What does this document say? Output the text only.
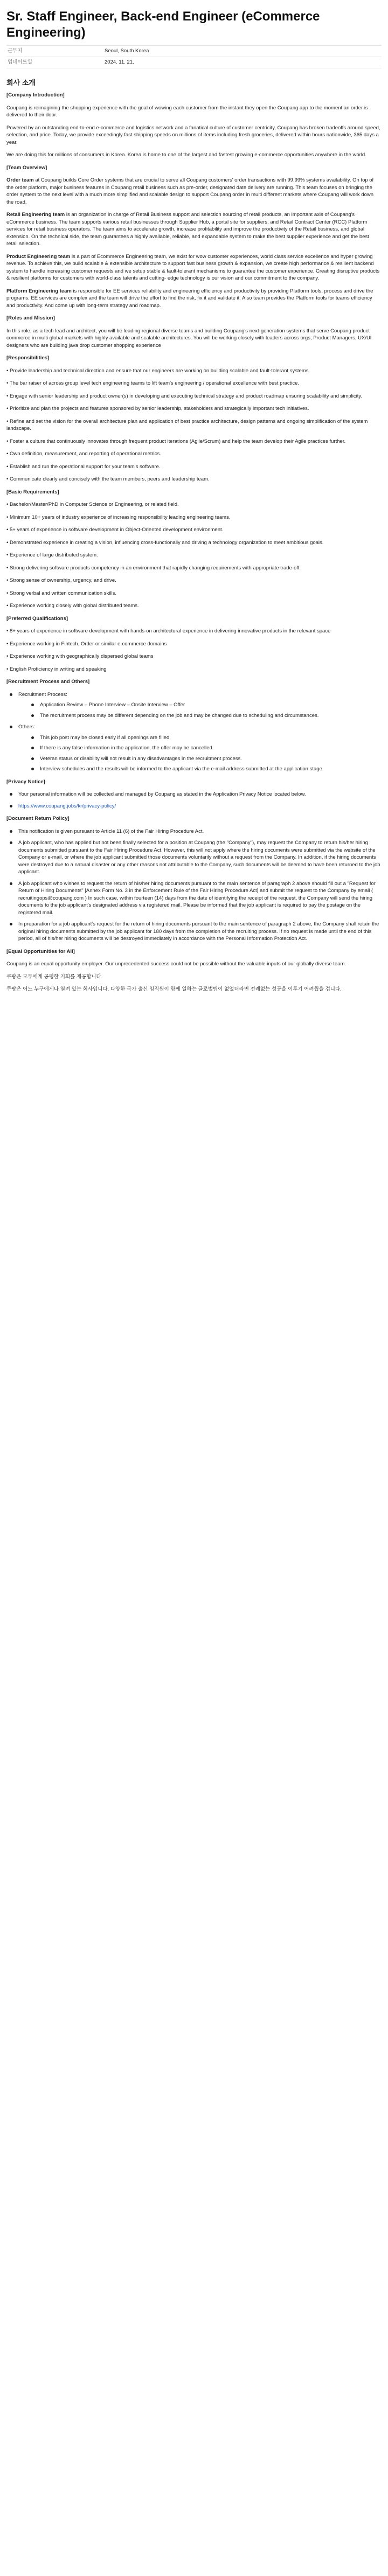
Sr. Staff Engineer, Back-end Engineer (eCommerce Engineering)
근무지	Seoul, South Korea
업데이트일	2024. 11. 21.
회사 소개

[Company Introduction]

Coupang is reimagining the shopping experience with the goal of wowing each customer from the instant they open the Coupang app to the moment an order is delivered to their door.

Powered by an outstanding end-to-end e-commerce and logistics network and a fanatical culture of customer centricity, Coupang has broken tradeoffs around speed, selection, and price. Today, we provide exceedingly fast shipping speeds on millions of items including fresh groceries, delivered within hours nationwide, 365 days a year.

We are doing this for millions of consumers in Korea. Korea is home to one of the largest and fastest growing e-commerce opportunities anywhere in the world.

[Team Overview]

Order team at Coupang builds Core Order systems that are crucial to serve all Coupang customers' order transactions with 99.99% systems availability. On top of the order platform, major business features in Coupang retail business such as pre-order, designated date delivery are running. This team focuses on bringing the order system to the next level with a much more simplified and scalable design to support Coupang order in multi different markets where Coupang will work down the road.

Retail Engineering team is an organization in charge of Retail Business support and selection sourcing of retail products, an important axis of Coupang's eCommerce business. The team supports various retail businesses through Supplier Hub, a portal site for suppliers, and Retail Contract Center (RCC) Platform services for retail business operators. The team aims to accelerate growth, increase profitability and improve the productivity of the Retail business, and global extension. On the technical side, the team guarantees a highly available, reliable, and expandable system to make the best supplier experience and get the best retail selection.

Product Engineering team is a part of Ecommerce Engineering team, we exist for wow customer experiences, world class service excellence and hyper growing revenue. To achieve this, we build scalable & extensible architecture to support fast business growth & expansion, we create high performance & resilient backend system to handle increasing customer requests and we setup stable & fault-tolerant mechanisms to guarantee the customer experience. Creating disruptive products & resilient platforms for customers with world-class talents and cutting- edge technology is our vision and our commitment to the company.

Platform Engineering team is responsible for EE services reliability and engineering efficiency and productivity by providing Platform tools, process and drive the programs. EE services are complex and the team will drive the effort to find the risk, fix it and validate it. Also team provides the Platform tools for teams efficiency and productivity. And come up with long-term strategy and roadmap.

[Roles and Mission]

In this role, as a tech lead and architect, you will be leading regional diverse teams and building Coupang's next-generation systems that serve Coupang product commerce in multi global markets with highly available and scalable architectures. You will be working closely with leaders across orgs; Product Managers, UX/UI designers who are building java drop customer shopping experience

[Responsibilities]

• Provide leadership and technical direction and ensure that our engineers are working on building scalable and fault-tolerant systems.

• The bar raiser of across group level tech engineering teams to lift team's engineering / operational excellence with best practice.

• Engage with senior leadership and product owner(s) in developing and executing technical strategy and product roadmap ensuring scalability and simplicity.

• Prioritize and plan the projects and features sponsored by senior leadership, stakeholders and strategically important tech initiatives.

• Refine and set the vision for the overall architecture plan and application of best practice architecture, design patterns and ongoing simplification of the system landscape.

• Foster a culture that continuously innovates through frequent product iterations (Agile/Scrum) and help the team develop their Agile practices further.

• Own definition, measurement, and reporting of operational metrics.

• Establish and run the operational support for your team's software.

• Communicate clearly and concisely with the team members, peers and leadership team.

[Basic Requirements]

• Bachelor/Master/PhD in Computer Science or Engineering, or related field.

• Minimum 10+ years of industry experience of increasing responsibility leading engineering teams.

• 5+ years of experience in software development in Object-Oriented development environment.

• Demonstrated experience in creating a vision, influencing cross-functionally and driving a technology organization to meet ambitious goals.

• Experience of large distributed system.

• Strong delivering software products competency in an environment that rapidly changing requirements with appropriate trade-off.

• Strong sense of ownership, urgency, and drive.

• Strong verbal and written communication skills.

• Experience working closely with global distributed teams.

[Preferred Qualifications]

• 8+ years of experience in software development with hands-on architectural experience in delivering innovative products in the relevant space

• Experience working in Fintech, Order or similar e-commerce domains

• Experience working with geographically dispersed global teams

• English Proficiency in writing and speaking

[Recruitment Process and Others]

Recruitment Process:
Application Review – Phone Interview – Onsite Interview – Offer
The recruitment process may be different depending on the job and may be changed due to scheduling and circumstances.
Others:
This job post may be closed early if all openings are filled.
If there is any false information in the application, the offer may be cancelled.
Veteran status or disability will not result in any disadvantages in the recruitment process.
Interview schedules and the results will be informed to the applicant via the e-mail address submitted at the application stage.

[Privacy Notice]

Your personal information will be collected and managed by Coupang as stated in the Application Privacy Notice located below.
https://www.coupang.jobs/kr/privacy-policy/

[Document Return Policy]

This notification is given pursuant to Article 11 (6) of the Fair Hiring Procedure Act.
A job applicant, who has applied but not been finally selected for a position at Coupang (the "Company"), may request the Company to return his/her hiring documents submitted pursuant to the Fair Hiring Procedure Act. However, this will not apply where the hiring documents were submitted via the website of the Company or e-mail, or where the job applicant submitted those documents voluntarily without a request from the Company. In addition, if the hiring documents were destroyed due to a natural disaster or any other reasons not attributable to the Company, such documents will be deemed to have been returned to the job applicant.
A job applicant who wishes to request the return of his/her hiring documents pursuant to the main sentence of paragraph 2 above should fill out a "Request for Return of Hiring Documents" [Annex Form No. 3 in the Enforcement Rule of the Fair Hiring Procedure Act] and submit the request to the Company by email ( recruitingops@coupang.com ) In such case, within fourteen (14) days from the date of identifying the receipt of the request, the Company will send the hiring documents to the job applicant's designated address via registered mail. Please be informed that the job applicant is required to pay the postage on the registered mail.
In preparation for a job applicant's request for the return of hiring documents pursuant to the main sentence of paragraph 2 above, the Company shall retain the original hiring documents submitted by the job applicant for 180 days from the completion of the recruiting process. If no request is made until the end of this period, all of his/her hiring documents will be destroyed immediately in accordance with the Personal Information Protection Act.

[Equal Opportunities for All]

Coupang is an equal opportunity employer. Our unprecedented success could not be possible without the valuable inputs of our globally diverse team.

쿠팡은 모두에게 공평한 기회를 제공합니다

쿠팡은 어느 누구에게나 열려 있는 회사입니다. 다양한 국가 출신 임직원이 함께 일하는 글로벌팀이 없었더라면 전례없는 성공을 이루기 어려웠을 겁니다.
